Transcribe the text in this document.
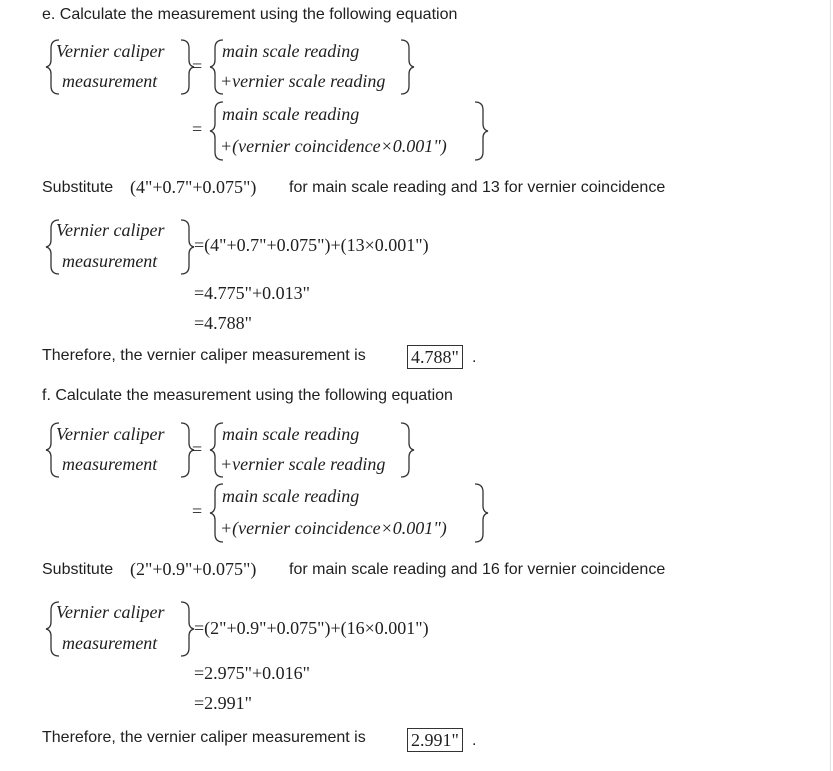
e. Calculate the measurement using the following equation
Vernier caliper
measurement
=
main scale reading
+vernier scale reading
=
main scale reading
+(vernier coincidence×0.001")
Substitute (4"+0.7"+0.075") for main scale reading and 13 for vernier coincidence
Vernier caliper
measurement
=(4"+0.7"+0.075")+(13×0.001")
=4.775"+0.013"
=4.788"
Therefore, the vernier caliper measurement is	4.788" .
f. Calculate the measurement using the following equation
Vernier caliper
measurement
=
main scale reading
+vernier scale reading
=
main scale reading
+(vernier coincidence×0.001")
Substitute (2"+0.9"+0.075") for main scale reading and 16 for vernier coincidence
Vernier caliper
measurement
=(2"+0.9"+0.075")+(16×0.001")
=2.975"+0.016"
=2.991"
Therefore, the vernier caliper measurement is	2.991" .
